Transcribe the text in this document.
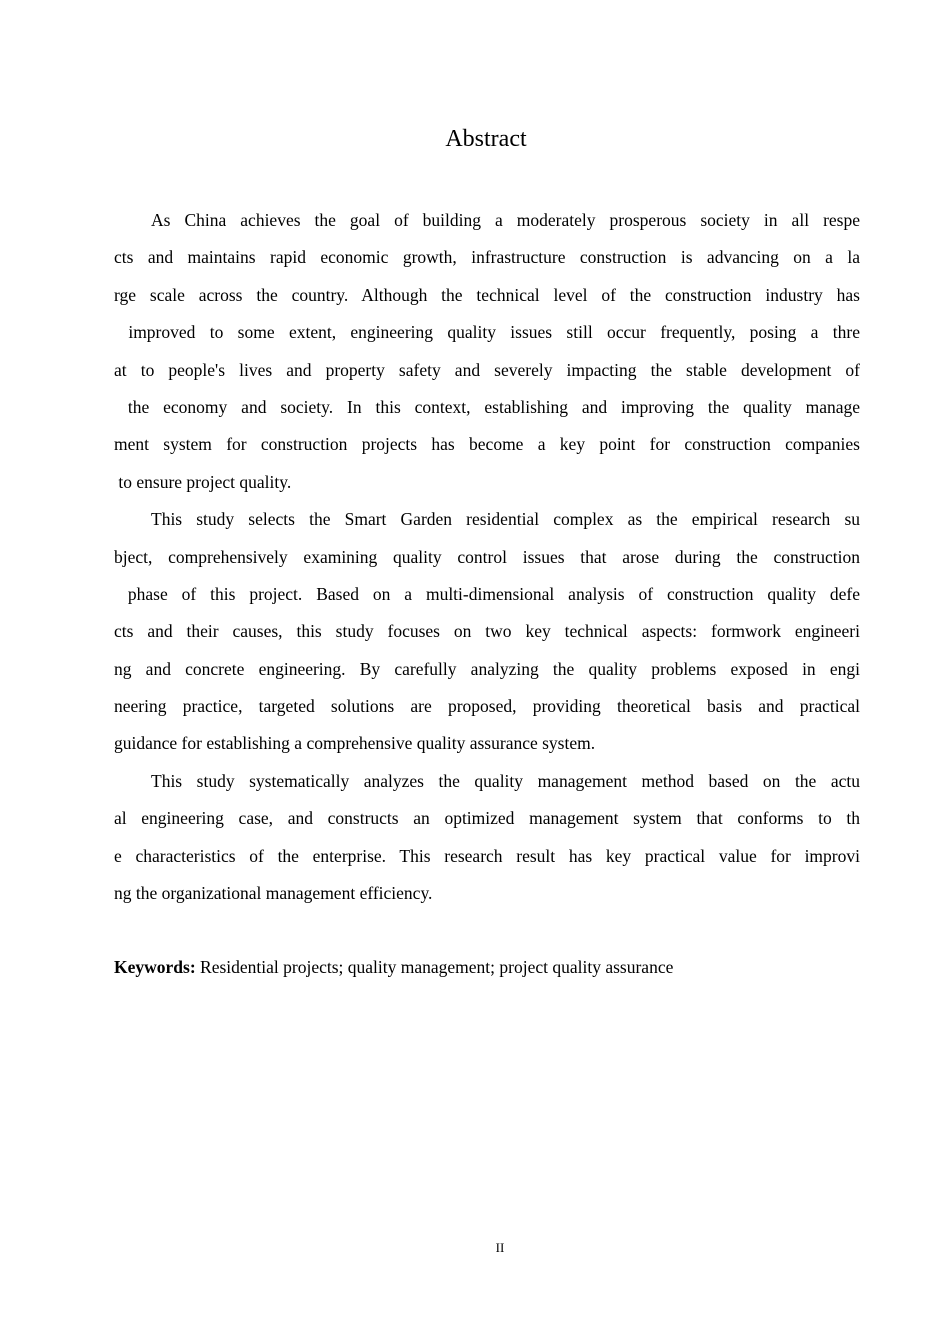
Abstract
As China achieves the goal of building a moderately prosperous society in all respe
cts and maintains rapid economic growth, infrastructure construction is advancing on a la
rge scale across the country. Although the technical level of the construction industry has
improved to some extent, engineering quality issues still occur frequently, posing a thre
at to people's lives and property safety and severely impacting the stable development of
the economy and society. In this context, establishing and improving the quality manage
ment system for construction projects has become a key point for construction companies
to ensure project quality.
This study selects the Smart Garden residential complex as the empirical research su
bject, comprehensively examining quality control issues that arose during the construction
phase of this project. Based on a multi-dimensional analysis of construction quality defe
cts and their causes, this study focuses on two key technical aspects: formwork engineeri
ng and concrete engineering. By carefully analyzing the quality problems exposed in engi
neering practice, targeted solutions are proposed, providing theoretical basis and practical
guidance for establishing a comprehensive quality assurance system.
This study systematically analyzes the quality management method based on the actu
al engineering case, and constructs an optimized management system that conforms to th
e characteristics of the enterprise. This research result has key practical value for improvi
ng the organizational management efficiency.
Keywords: Residential projects; quality management; project quality assurance
II
